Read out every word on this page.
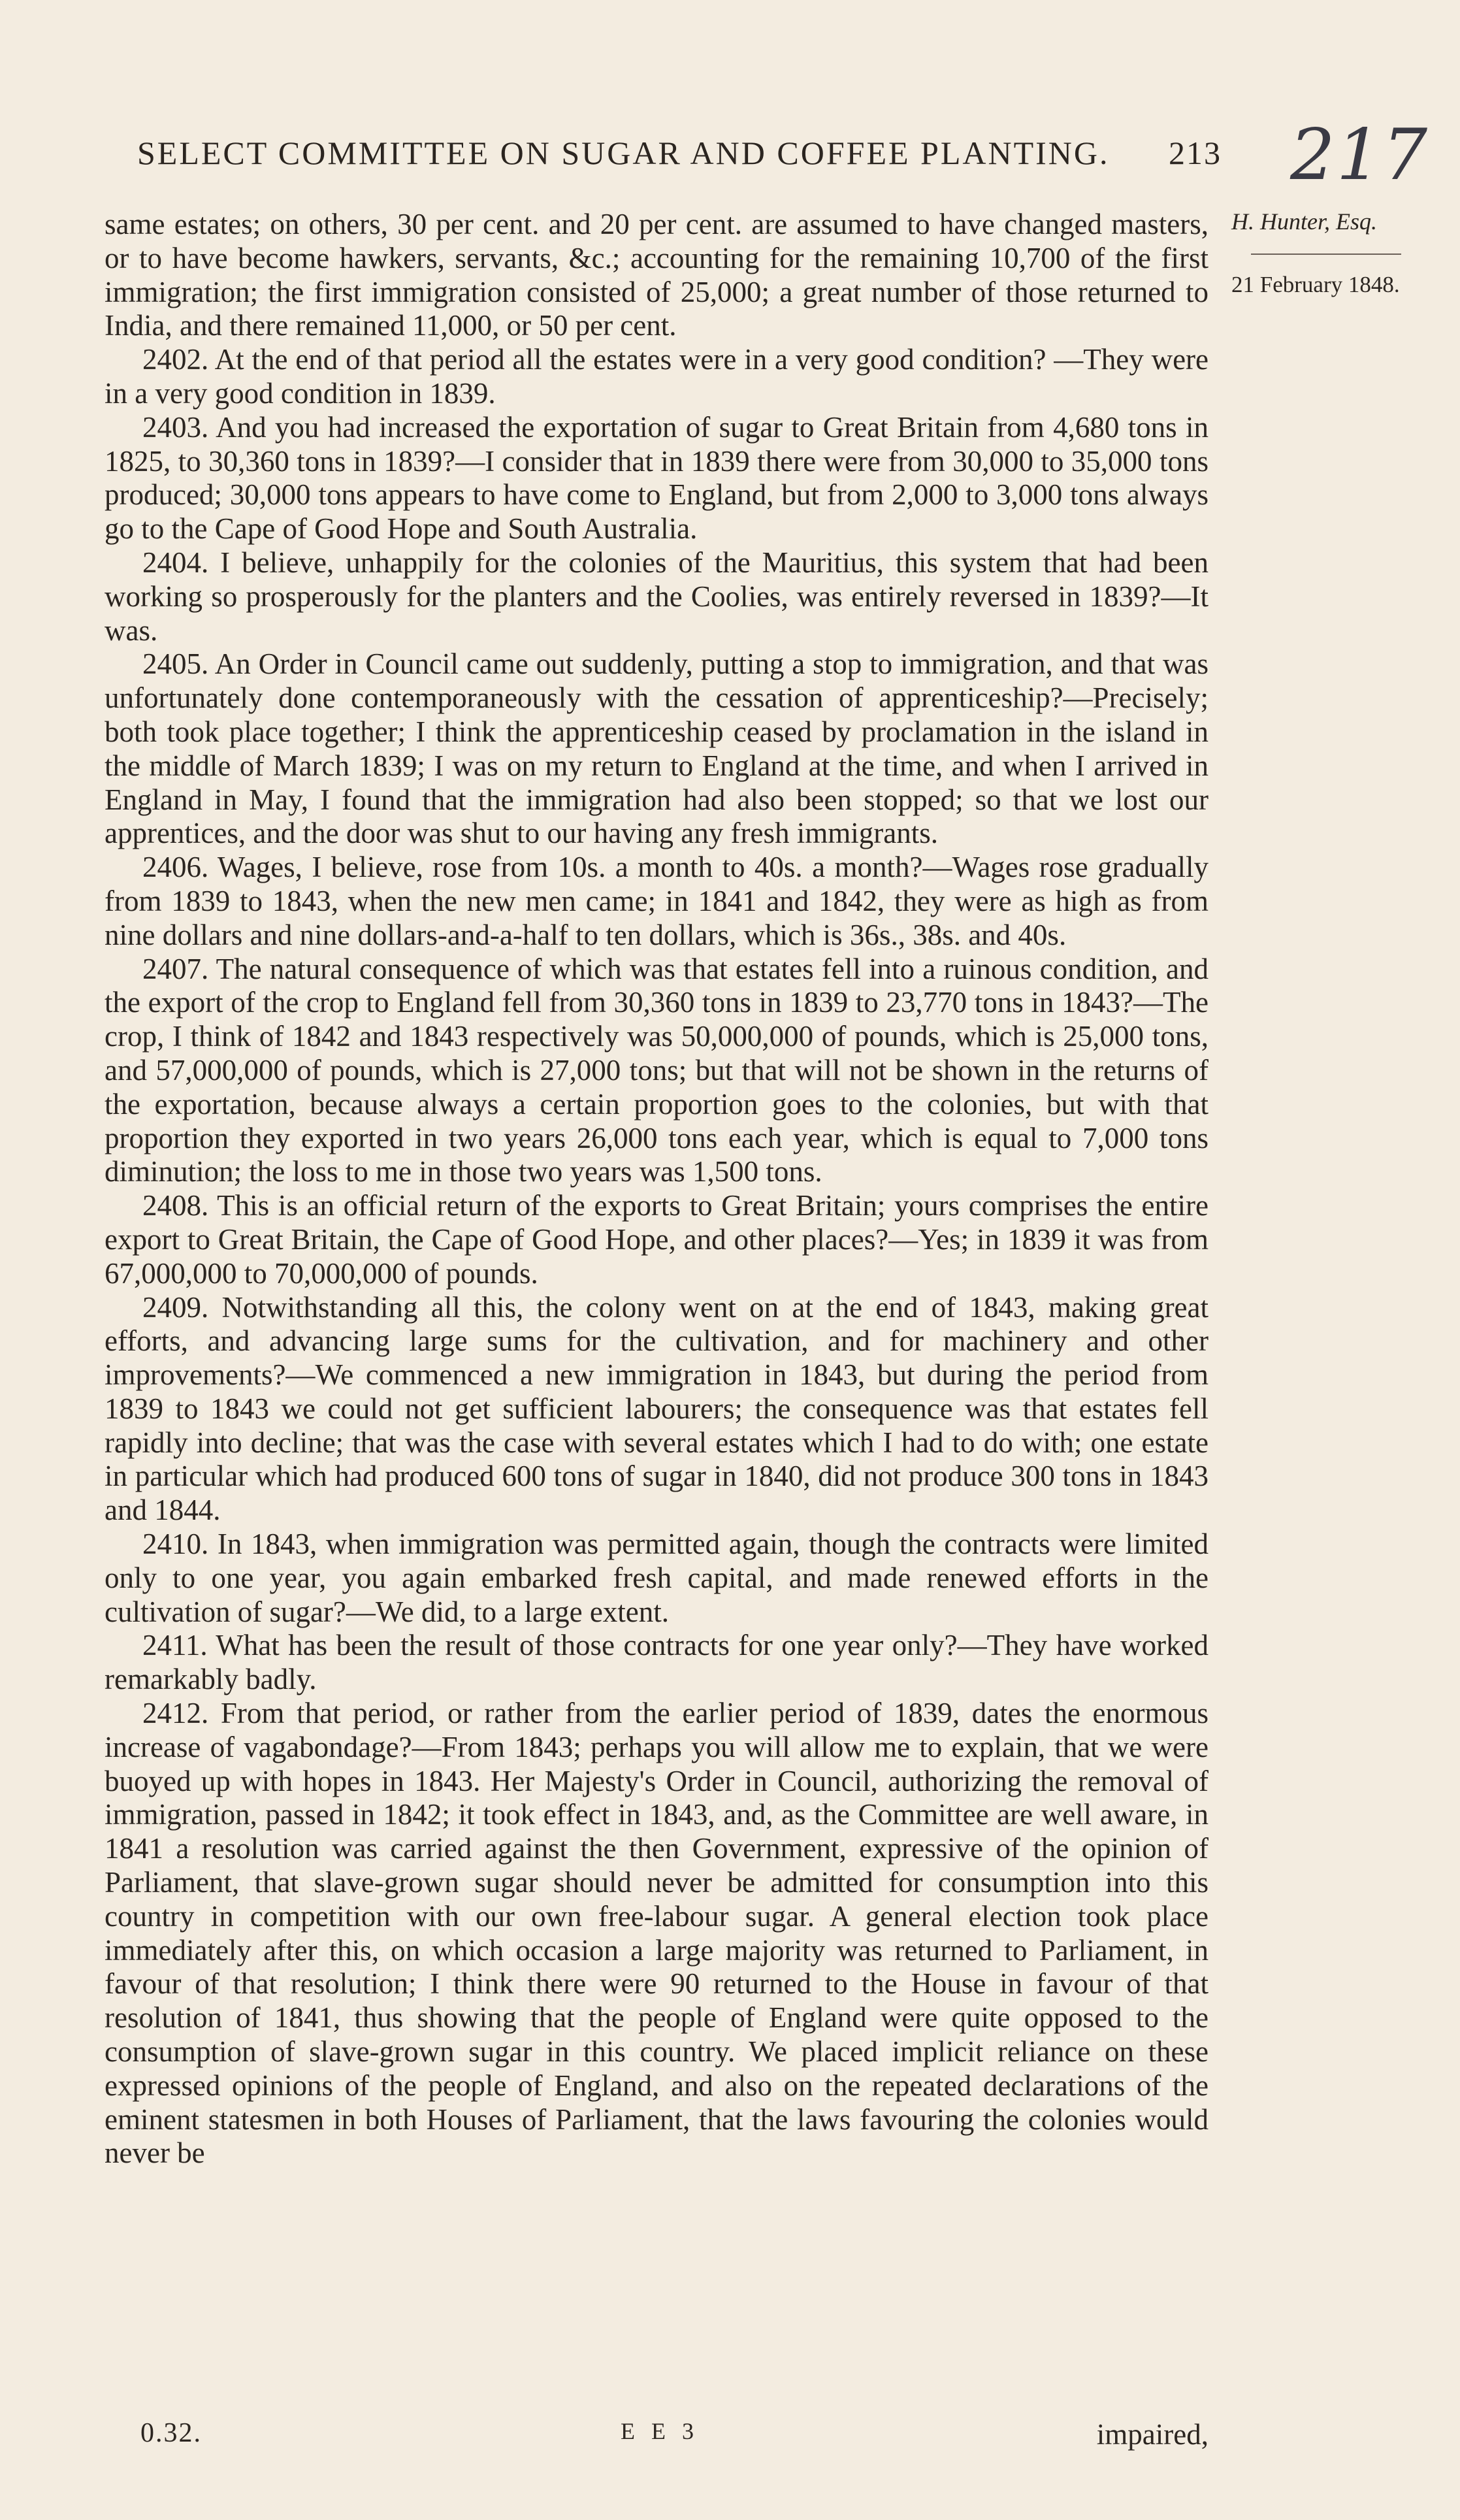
217
SELECT COMMITTEE ON SUGAR AND COFFEE PLANTING. 213
H. Hunter, Esq.
21 February 1848.

same estates; on others, 30 per cent. and 20 per cent. are assumed to have changed masters, or to have become hawkers, servants, &c.; accounting for the remaining 10,700 of the first immigration; the first immigration consisted of 25,000; a great number of those returned to India, and there remained 11,000, or 50 per cent.

2402. At the end of that period all the estates were in a very good condition? —They were in a very good condition in 1839.

2403. And you had increased the exportation of sugar to Great Britain from 4,680 tons in 1825, to 30,360 tons in 1839?—I consider that in 1839 there were from 30,000 to 35,000 tons produced; 30,000 tons appears to have come to England, but from 2,000 to 3,000 tons always go to the Cape of Good Hope and South Australia.

2404. I believe, unhappily for the colonies of the Mauritius, this system that had been working so prosperously for the planters and the Coolies, was entirely reversed in 1839?—It was.

2405. An Order in Council came out suddenly, putting a stop to immigration, and that was unfortunately done contemporaneously with the cessation of apprenticeship?—Precisely; both took place together; I think the apprenticeship ceased by proclamation in the island in the middle of March 1839; I was on my return to England at the time, and when I arrived in England in May, I found that the immigration had also been stopped; so that we lost our apprentices, and the door was shut to our having any fresh immigrants.

2406. Wages, I believe, rose from 10s. a month to 40s. a month?—Wages rose gradually from 1839 to 1843, when the new men came; in 1841 and 1842, they were as high as from nine dollars and nine dollars-and-a-half to ten dollars, which is 36s., 38s. and 40s.

2407. The natural consequence of which was that estates fell into a ruinous condition, and the export of the crop to England fell from 30,360 tons in 1839 to 23,770 tons in 1843?—The crop, I think of 1842 and 1843 respectively was 50,000,000 of pounds, which is 25,000 tons, and 57,000,000 of pounds, which is 27,000 tons; but that will not be shown in the returns of the exportation, because always a certain proportion goes to the colonies, but with that proportion they exported in two years 26,000 tons each year, which is equal to 7,000 tons diminution; the loss to me in those two years was 1,500 tons.

2408. This is an official return of the exports to Great Britain; yours comprises the entire export to Great Britain, the Cape of Good Hope, and other places?—Yes; in 1839 it was from 67,000,000 to 70,000,000 of pounds.

2409. Notwithstanding all this, the colony went on at the end of 1843, making great efforts, and advancing large sums for the cultivation, and for machinery and other improvements?—We commenced a new immigration in 1843, but during the period from 1839 to 1843 we could not get sufficient labourers; the consequence was that estates fell rapidly into decline; that was the case with several estates which I had to do with; one estate in particular which had produced 600 tons of sugar in 1840, did not produce 300 tons in 1843 and 1844.

2410. In 1843, when immigration was permitted again, though the contracts were limited only to one year, you again embarked fresh capital, and made renewed efforts in the cultivation of sugar?—We did, to a large extent.

2411. What has been the result of those contracts for one year only?—They have worked remarkably badly.

2412. From that period, or rather from the earlier period of 1839, dates the enormous increase of vagabondage?—From 1843; perhaps you will allow me to explain, that we were buoyed up with hopes in 1843. Her Majesty's Order in Council, authorizing the removal of immigration, passed in 1842; it took effect in 1843, and, as the Committee are well aware, in 1841 a resolution was carried against the then Government, expressive of the opinion of Parliament, that slave-grown sugar should never be admitted for consumption into this country in competition with our own free-labour sugar. A general election took place immediately after this, on which occasion a large majority was returned to Parliament, in favour of that resolution; I think there were 90 returned to the House in favour of that resolution of 1841, thus showing that the people of England were quite opposed to the consumption of slave-grown sugar in this country. We placed implicit reliance on these expressed opinions of the people of England, and also on the repeated declarations of the eminent statesmen in both Houses of Parliament, that the laws favouring the colonies would never be

0.32.	E E 3	impaired,
